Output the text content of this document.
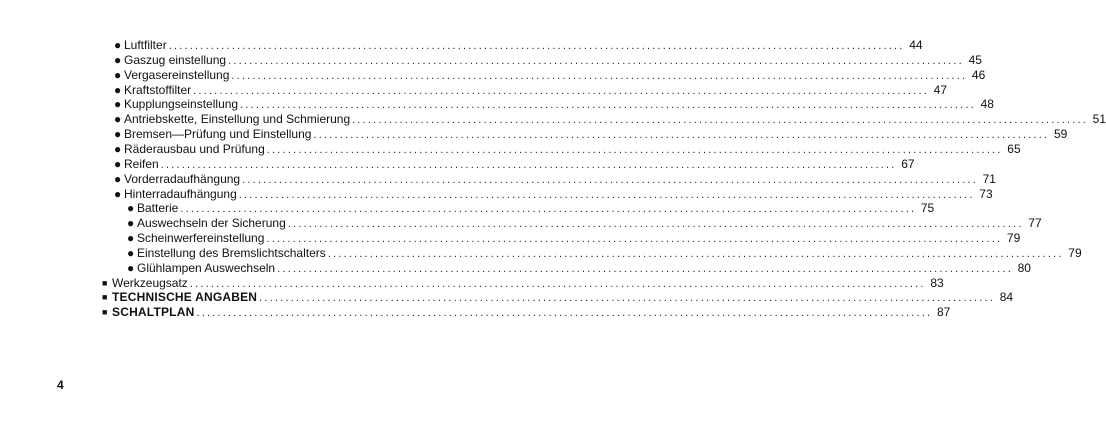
● Luftfilter ............................................................................................................................................ 44
● Gaszug einstellung ............................................................................................................................................ 45
● Vergasereinstellung ............................................................................................................................................ 46
● Kraftstoffilter ............................................................................................................................................ 47
● Kupplungseinstellung ............................................................................................................................................ 48
● Antriebskette, Einstellung und Schmierung ............................................................................................................................................ 51
● Bremsen—Prüfung und Einstellung ............................................................................................................................................ 59
● Räderausbau und Prüfung ............................................................................................................................................ 65
● Reifen ............................................................................................................................................ 67
● Vorderradaufhängung ............................................................................................................................................ 71
● Hinterradaufhängung ............................................................................................................................................ 73
● Batterie ............................................................................................................................................ 75
● Auswechseln der Sicherung ............................................................................................................................................ 77
● Scheinwerfereinstellung ............................................................................................................................................ 79
● Einstellung des Bremslichtschalters ............................................................................................................................................ 79
● Glühlampen Auswechseln ............................................................................................................................................ 80
■ Werkzeugsatz ............................................................................................................................................ 83
■ TECHNISCHE ANGABEN ............................................................................................................................................ 84
■ SCHALTPLAN ............................................................................................................................................ 87
4
